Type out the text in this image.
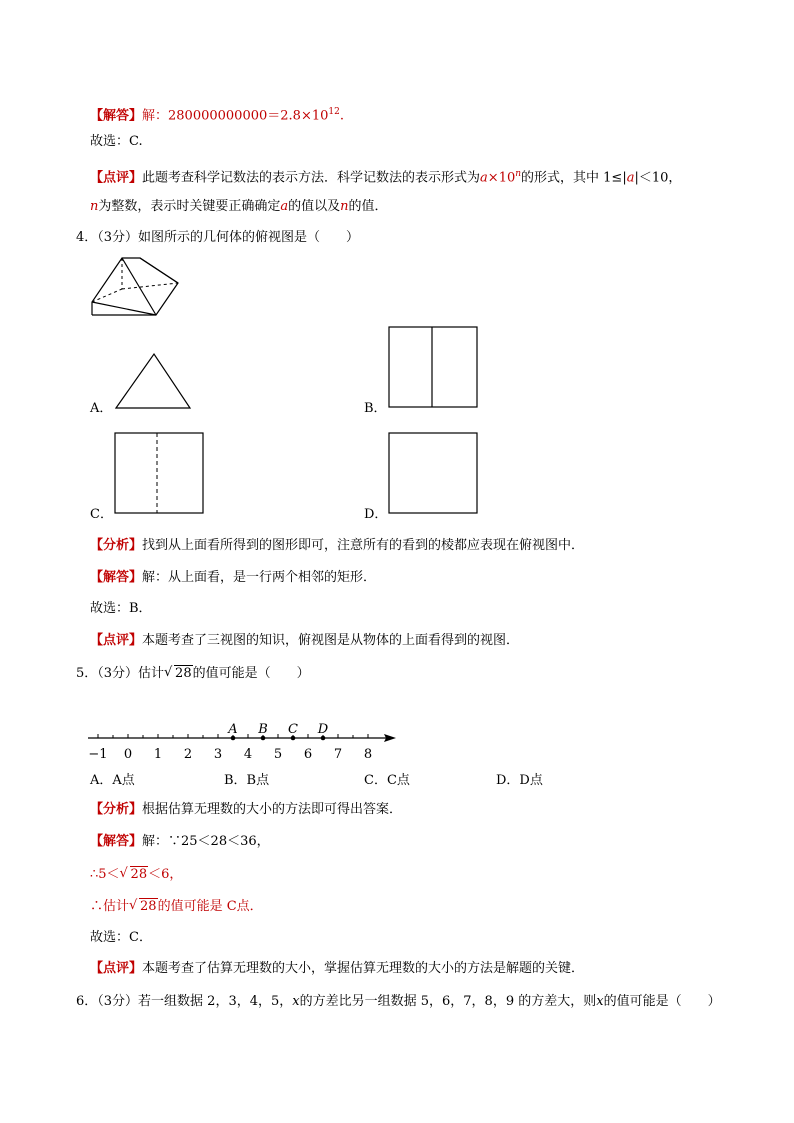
【解答】解：$280000000000=2.8\times 10^{12}$.
故选：C.
【点评】此题考查科学记数法的表示方法．科学记数法的表示形式为$a\times 10^n$的形式，其中 1≤|a|＜10，
n为整数，表示时关键要正确确定a的值以及n的值．
4．（3分）如图所示的几何体的俯视图是（　　）
A．	B．
C．	D．
【分析】找到从上面看所得到的图形即可，注意所有的看到的棱都应表现在俯视图中．
【解答】解：从上面看，是一行两个相邻的矩形．
故选：B．
【点评】本题考查了三视图的知识，俯视图是从物体的上面看得到的视图．
5．（3分）估计 √ 28的值可能是（　　）
−1 0 1 2 3 4 5 6 7 8
A B C D
A．A点	B．B点	C．C点	D．D点
【分析】根据估算无理数的大小的方法即可得出答案．
【解答】解：∵25＜28＜36，
∴5＜ √ 28＜6，
∴估计 √ 28的值可能是 C点．
故选：C．
【点评】本题考查了估算无理数的大小，掌握估算无理数的大小的方法是解题的关键．
6．（3分）若一组数据 2，3，4，5，x的方差比另一组数据 5，6，7，8，9 的方差大，则x的值可能是（　　）
